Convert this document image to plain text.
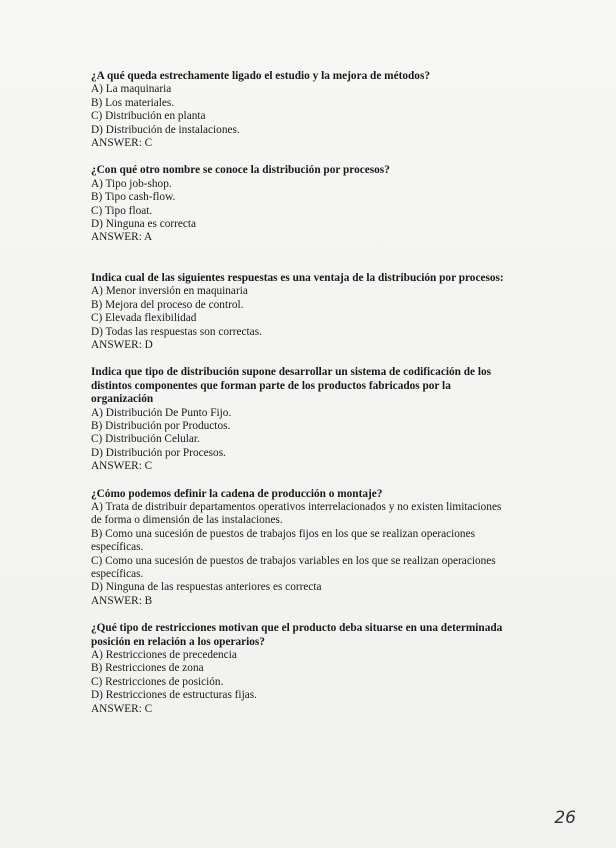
¿A qué queda estrechamente ligado el estudio y la mejora de métodos?

A) La maquinaria

B) Los materiales.

C) Distribución en planta

D) Distribución de instalaciones.

ANSWER: C

¿Con qué otro nombre se conoce la distribución por procesos?

A) Tipo job-shop.

B) Tipo cash-flow.

C) Tipo float.

D) Ninguna es correcta

ANSWER: A

Indica cual de las siguientes respuestas es una ventaja de la distribución por procesos:

A) Menor inversión en maquinaria

B) Mejora del proceso de control.

C) Elevada flexibilidad

D) Todas las respuestas son correctas.

ANSWER: D

Indica que tipo de distribución supone desarrollar un sistema de codificación de los distintos componentes que forman parte de los productos fabricados por la organización

A) Distribución De Punto Fijo.

B) Distribución por Productos.

C) Distribución Celular.

D) Distribución por Procesos.

ANSWER: C

¿Cómo podemos definir la cadena de producción o montaje?

A) Trata de distribuir departamentos operativos interrelacionados y no existen limitaciones de forma o dimensión de las instalaciones.

B) Como una sucesión de puestos de trabajos fijos en los que se realizan operaciones específicas.

C) Como una sucesión de puestos de trabajos variables en los que se realizan operaciones específicas.

D) Ninguna de las respuestas anteriores es correcta

ANSWER: B

¿Qué tipo de restricciones motivan que el producto deba situarse en una determinada posición en relación a los operarios?

A) Restricciones de precedencia

B) Restricciones de zona

C) Restricciones de posición.

D) Restricciones de estructuras fijas.

ANSWER: C

26
